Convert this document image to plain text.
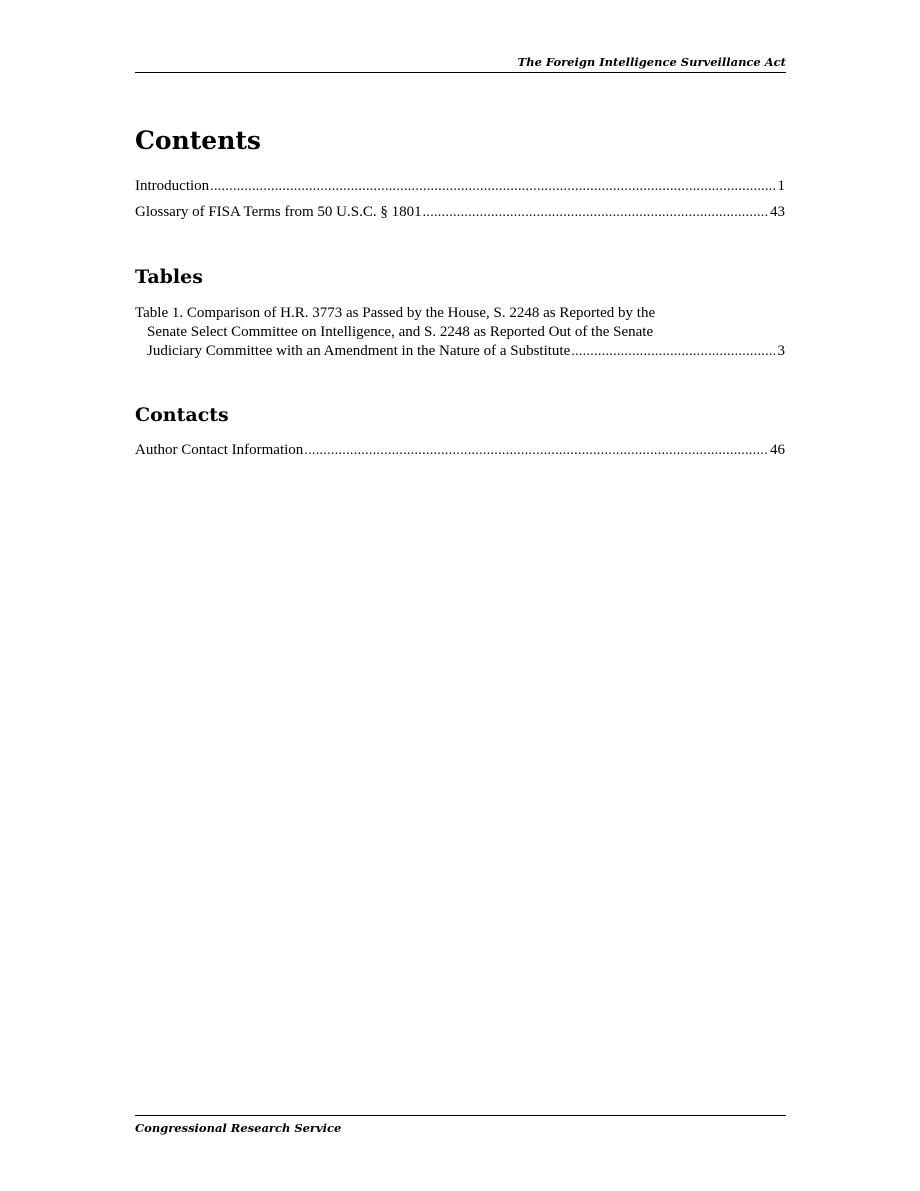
The Foreign Intelligence Surveillance Act
Contents
Introduction .....	1
Glossary of FISA Terms from 50 U.S.C. § 1801 .....	43
Tables
Table 1. Comparison of H.R. 3773 as Passed by the House, S. 2248 as Reported by the
Senate Select Committee on Intelligence, and S. 2248 as Reported Out of the Senate
Judiciary Committee with an Amendment in the Nature of a Substitute .....	3
Contacts
Author Contact Information .....	46
Congressional Research Service
